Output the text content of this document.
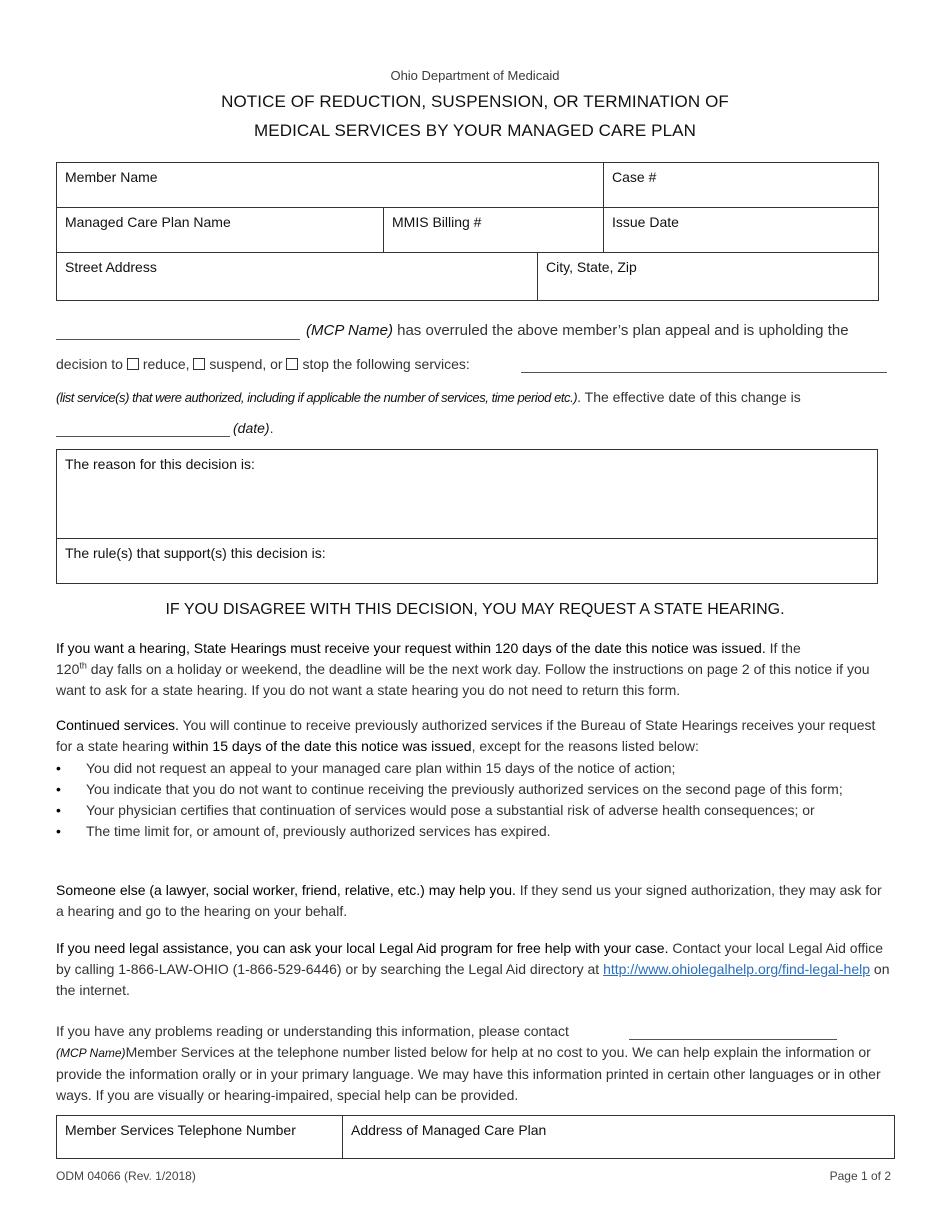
Ohio Department of Medicaid
NOTICE OF REDUCTION, SUSPENSION, OR TERMINATION OF
MEDICAL SERVICES BY YOUR MANAGED CARE PLAN
Member Name		Case #
Managed Care Plan Name	MMIS Billing #	Issue Date
Street Address	City, State, Zip
(MCP Name) has overruled the above member’s plan appeal and is upholding the
decision to reduce, suspend, or stop the following services:
(list service(s) that were authorized, including if applicable the number of services, time period etc.). The effective date of this change is
(date).
The reason for this decision is:
The rule(s) that support(s) this decision is:
IF YOU DISAGREE WITH THIS DECISION, YOU MAY REQUEST A STATE HEARING.
If you want a hearing, State Hearings must receive your request within 120 days of the date this notice was issued. If the
120th day falls on a holiday or weekend, the deadline will be the next work day. Follow the instructions on page 2 of this notice if you want to ask for a state hearing. If you do not want a state hearing you do not need to return this form.
Continued services. You will continue to receive previously authorized services if the Bureau of State Hearings receives your request for a state hearing within 15 days of the date this notice was issued, except for the reasons listed below:
•	You did not request an appeal to your managed care plan within 15 days of the notice of action;
•	You indicate that you do not want to continue receiving the previously authorized services on the second page of this form;
•	Your physician certifies that continuation of services would pose a substantial risk of adverse health consequences; or
•	The time limit for, or amount of, previously authorized services has expired.
Someone else (a lawyer, social worker, friend, relative, etc.) may help you. If they send us your signed authorization, they may ask for a hearing and go to the hearing on your behalf.
If you need legal assistance, you can ask your local Legal Aid program for free help with your case. Contact your local Legal Aid office by calling 1-866-LAW-OHIO (1-866-529-6446) or by searching the Legal Aid directory at http://www.ohiolegalhelp.org/find-legal-help on the internet.
If you have any problems reading or understanding this information, please contact
(MCP Name)Member Services at the telephone number listed below for help at no cost to you. We can help explain the information or provide the information orally or in your primary language. We may have this information printed in certain other languages or in other ways. If you are visually or hearing-impaired, special help can be provided.
Member Services Telephone Number	Address of Managed Care Plan
ODM 04066 (Rev. 1/2018)	Page 1 of 2
